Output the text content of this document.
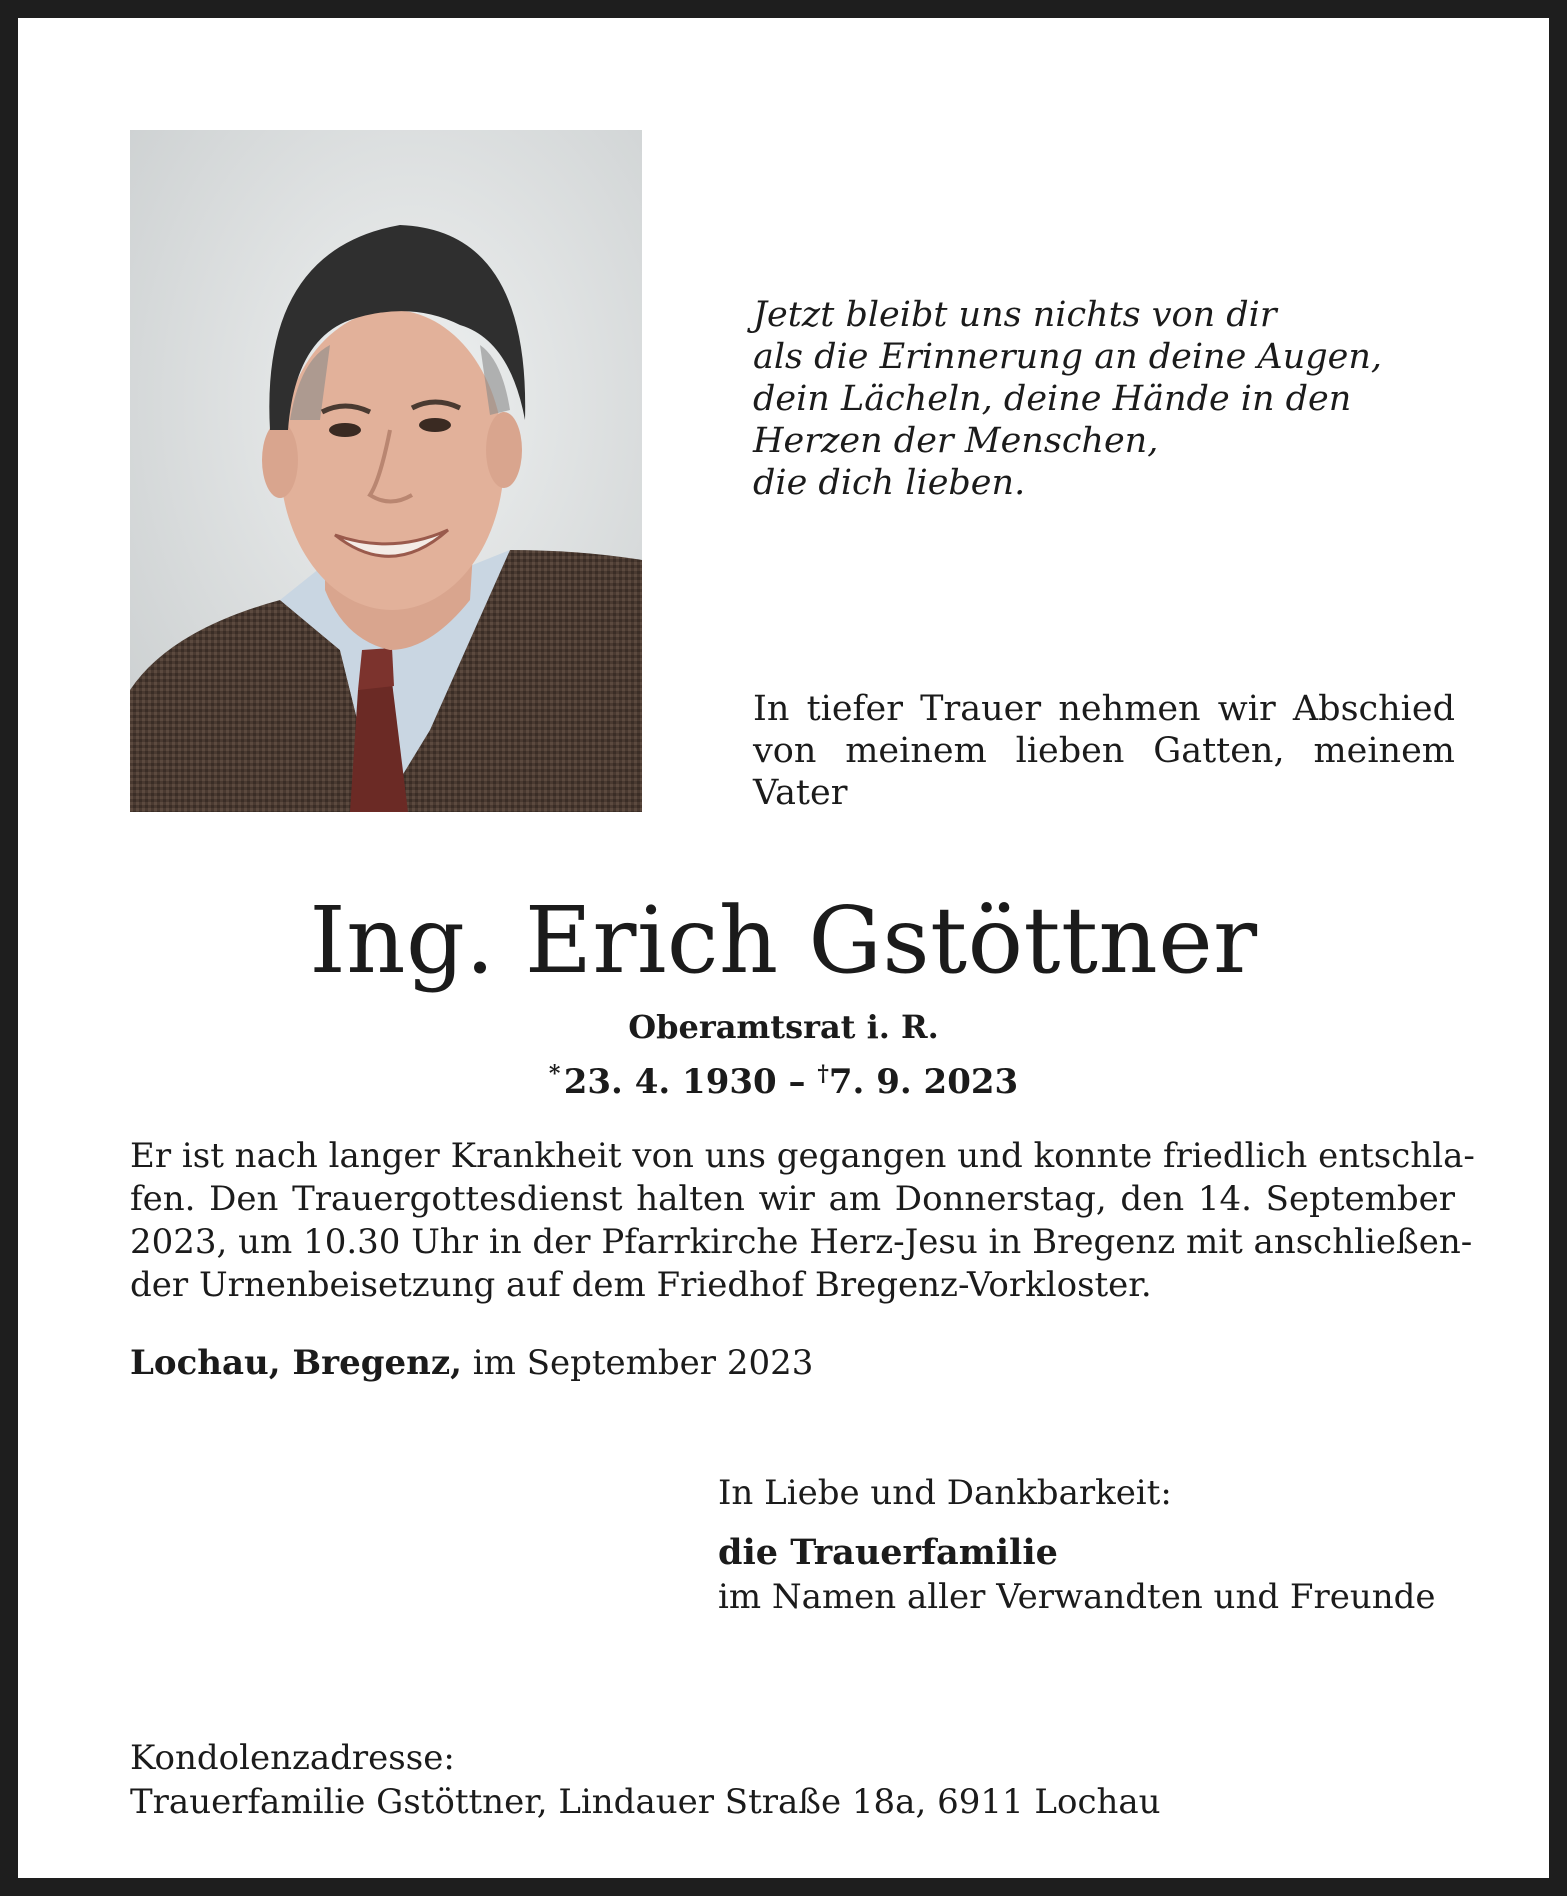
Jetzt bleibt uns nichts von dir
als die Erinnerung an deine Augen,
dein Lächeln, deine Hände in den
Herzen der Menschen,
die dich lieben.
In tiefer Trauer nehmen wir Abschied
von meinem lieben Gatten, meinem
Vater
Ing. Erich Gstöttner
Oberamtsrat i. R.
* 23. 4. 1930 – †7. 9. 2023
Er ist nach langer Krankheit von uns gegangen und konnte friedlich entschla-
fen. Den Trauergottesdienst halten wir am Donnerstag, den 14. September
2023, um 10.30 Uhr in der Pfarrkirche Herz-Jesu in Bregenz mit anschließen-
der Urnenbeisetzung auf dem Friedhof Bregenz-Vorkloster.
Lochau, Bregenz, im September 2023
In Liebe und Dankbarkeit:
die Trauerfamilie
im Namen aller Verwandten und Freunde
Kondolenzadresse:
Trauerfamilie Gstöttner, Lindauer Straße 18a, 6911 Lochau
